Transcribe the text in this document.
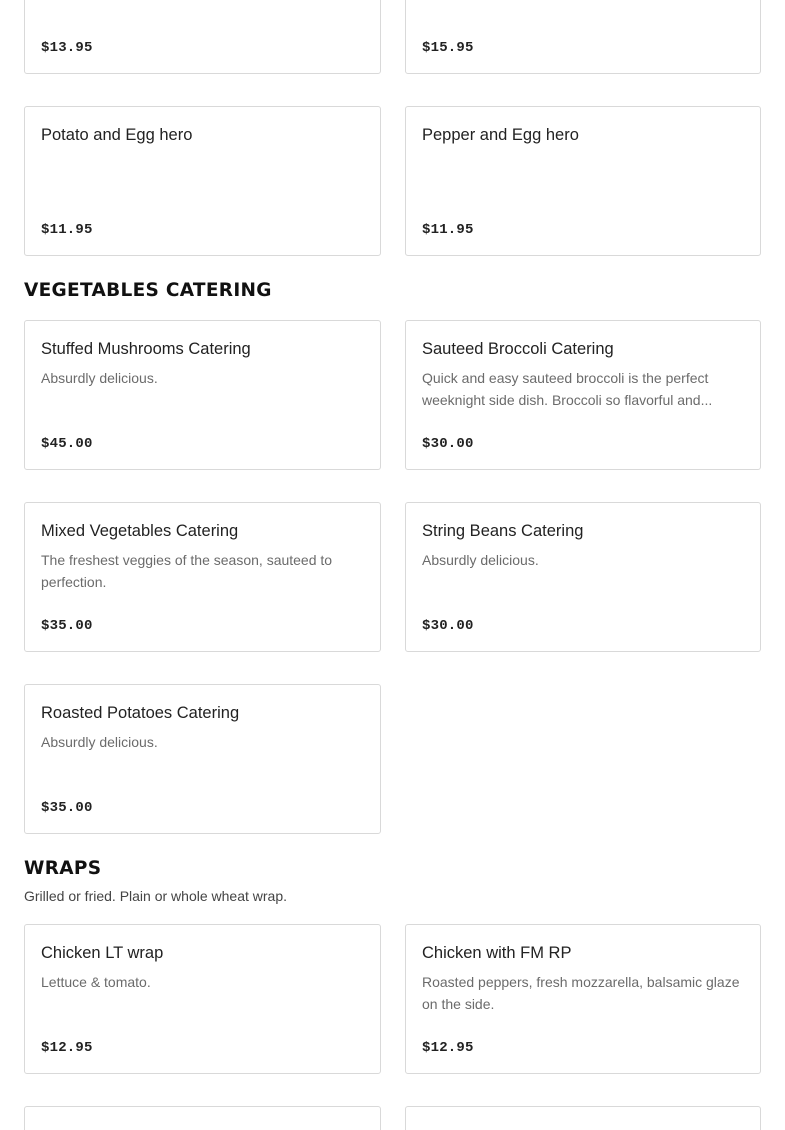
$13.95	$15.95
Potato and Egg hero
$11.95
Pepper and Egg hero
$11.95
VEGETABLES CATERING
Stuffed Mushrooms Catering
Absurdly delicious.
$45.00
Sauteed Broccoli Catering
Quick and easy sauteed broccoli is the perfect weeknight side dish. Broccoli so flavorful and...
$30.00
Mixed Vegetables Catering
The freshest veggies of the season, sauteed to perfection.
$35.00
String Beans Catering
Absurdly delicious.
$30.00
Roasted Potatoes Catering
Absurdly delicious.
$35.00
WRAPS

Grilled or fried. Plain or whole wheat wrap.

Chicken LT wrap
Lettuce & tomato.
$12.95
Chicken with FM RP
Roasted peppers, fresh mozzarella, balsamic glaze on the side.
$12.95
